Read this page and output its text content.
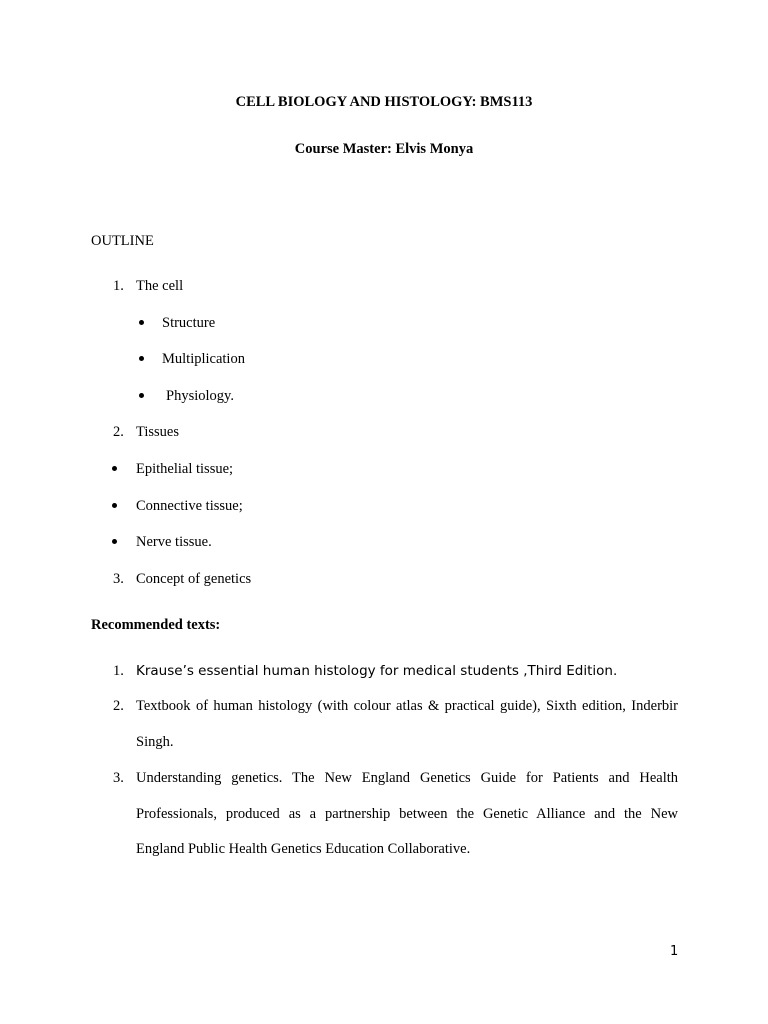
CELL BIOLOGY AND HISTOLOGY: BMS113
Course Master: Elvis Monya
OUTLINE
1. The cell
Structure
Multiplication
Physiology.
2. Tissues
Epithelial tissue;
Connective tissue;
Nerve tissue.
3. Concept of genetics
Recommended texts:
1. Krause’s essential human histology for medical students ,Third Edition.
2. Textbook of human histology (with colour atlas & practical guide), Sixth edition, Inderbir
Singh.
3. Understanding genetics. The New England Genetics Guide for Patients and Health
Professionals, produced as a partnership between the Genetic Alliance and the New
England Public Health Genetics Education Collaborative.
1
